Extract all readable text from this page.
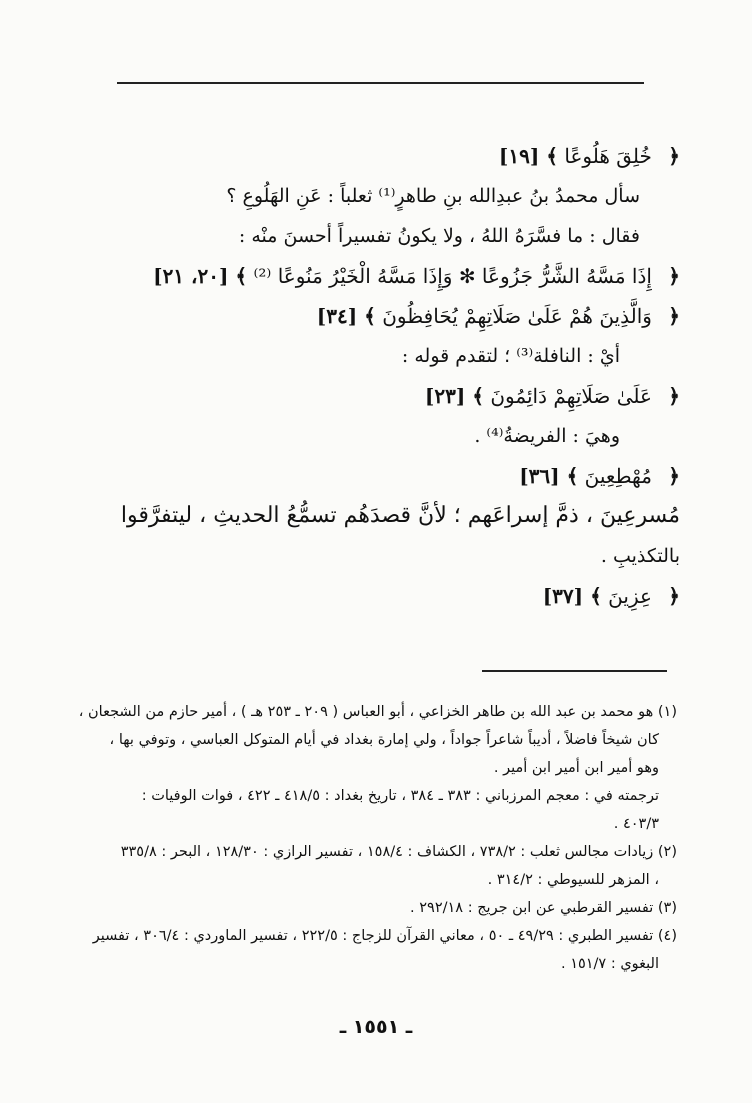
﴿ خُلِقَ هَلُوعًا ﴾ [١٩]
سأل محمدُ بنُ عبدِالله بنِ طاهرٍ⁽¹⁾ ثعلباً : عَنِ الهَلُوعِ ؟
فقال : ما فسَّرَهُ اللهُ ، ولا يكونُ تفسيراً أحسنَ منْه :
﴿ إِذَا مَسَّهُ الشَّرُّ جَزُوعًا ✻ وَإِذَا مَسَّهُ الْخَيْرُ مَنُوعًا ⁽²⁾ ﴾ [٢٠، ٢١]
﴿ وَالَّذِينَ هُمْ عَلَىٰ صَلَاتِهِمْ يُحَافِظُونَ ﴾ [٣٤]
أيْ : النافلة⁽³⁾ ؛ لتقدم قوله :
﴿ عَلَىٰ صَلَاتِهِمْ دَائِمُونَ ﴾ [٢٣]
وهيَ : الفريضةُ⁽⁴⁾ .
﴿ مُهْطِعِينَ ﴾ [٣٦]
مُسرعِينَ ، ذمَّ إسراعَهم ؛ لأنَّ قصدَهُم تسمُّعُ الحديثِ ، ليتفرَّقوا
بالتكذيبِ .
﴿ عِزِينَ ﴾ [٣٧]
(١) هو محمد بن عبد الله بن طاهر الخزاعي ، أبو العباس ( ٢٠٩ ـ ٢٥٣ هـ ) ، أمير حازم من الشجعان ،
كان شيخاً فاضلاً ، أديباً شاعراً جواداً ، ولي إمارة بغداد في أيام المتوكل العباسي ، وتوفي بها ،
وهو أمير ابن أمير ابن أمير .
ترجمته في : معجم المرزباني : ٣٨٣ ـ ٣٨٤ ، تاريخ بغداد : ٤١٨/٥ ـ ٤٢٢ ، فوات الوفيات :
٤٠٣/٣ .
(٢) زيادات مجالس ثعلب : ٧٣٨/٢ ، الكشاف : ١٥٨/٤ ، تفسير الرازي : ١٢٨/٣٠ ، البحر : ٣٣٥/٨
، المزهر للسيوطي : ٣١٤/٢ .
(٣) تفسير القرطبي عن ابن جريج : ٢٩٢/١٨ .
(٤) تفسير الطبري : ٤٩/٢٩ ـ ٥٠ ، معاني القرآن للزجاج : ٢٢٢/٥ ، تفسير الماوردي : ٣٠٦/٤ ، تفسير
البغوي : ١٥١/٧ .
ـ ١٥٥١ ـ
